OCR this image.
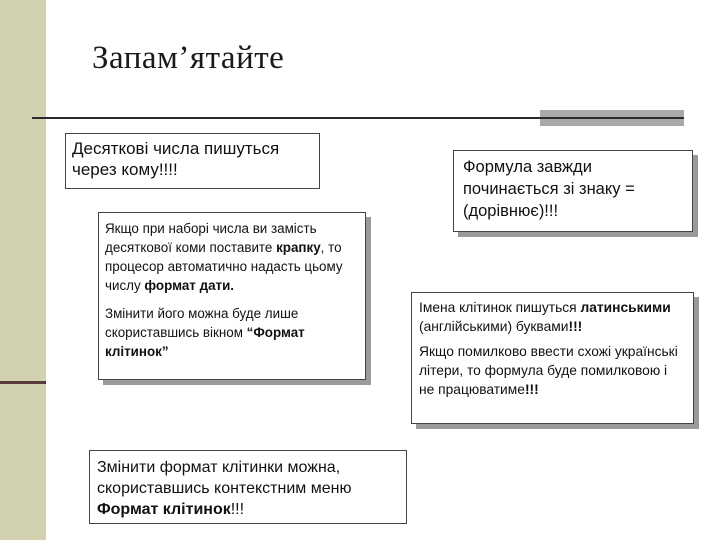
Запам’ятайте

Десяткові числа пишуться через кому!!!!

Якщо при наборі числа ви замість десяткової коми поставите крапку, то процесор автоматично надасть цьому числу формат дати.

Змінити його можна буде лише скориставшись вікном “Формат клітинок”

Формула завжди починається зі знаку = (дорівнює)!!!

Імена клітинок пишуться латинськими (англійськими) буквами!!!

Якщо помилково ввести схожі українські літери, то формула буде помилковою і не працюватиме!!!

Змінити формат клітинки можна, скориставшись контекстним меню Формат клітинок!!!
